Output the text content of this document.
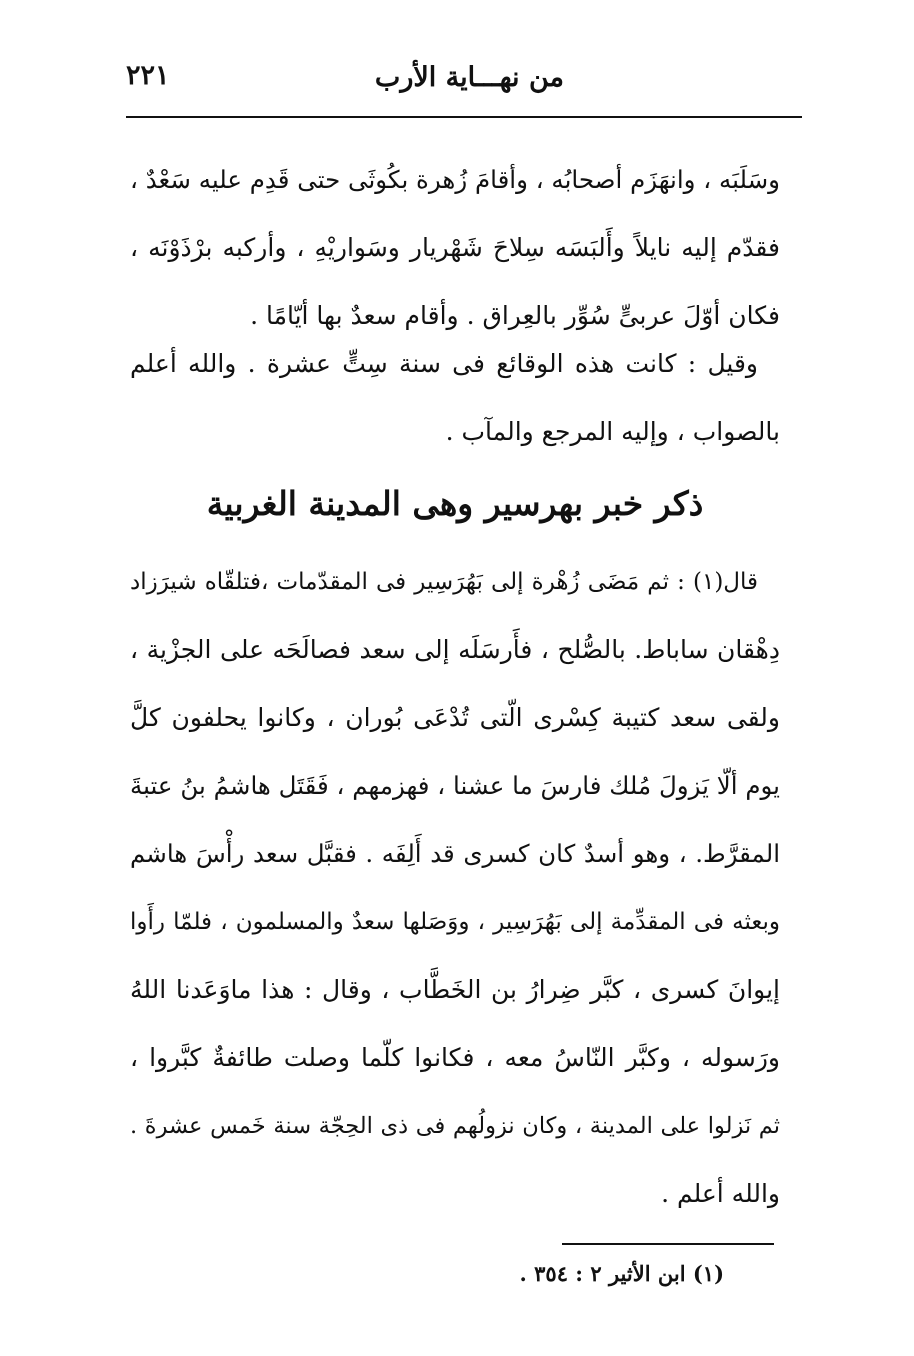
من نهـــاية الأرب
٢٢١
وسَلَبَه ، وانهَزَم أصحابُه ، وأقامَ زُهرة بكُوثَى حتى قَدِم عليه سَعْدٌ ،
فقدّم إليه نايلاً وأَلبَسَه سِلاحَ شَهْريار وسَواريْهِ ، وأركبه برْذَوْنَه ،
فكان أوّلَ عربىٍّ سُوِّر بالعِراق . وأقام سعدٌ بها أيّامًا .
وقيل : كانت هذه الوقائع فى سنة سِتٍّ عشرة . والله أعلم
بالصواب ، وإليه المرجع والمآب .
ذكر خبر بهرسير وهى المدينة الغربية
قال(١) : ثم مَضَى زُهْرة إلى بَهُرَسِير فى المقدّمات ،فتلقّاه شيرَزاد
دِهْقان ساباط. بالصُّلح ، فأَرسَلَه إلى سعد فصالَحَه على الجزْية ،
ولقى سعد كتيبة كِسْرى الّتى تُدْعَى بُوران ، وكانوا يحلفون كلَّ
يوم ألّا يَزولَ مُلك فارسَ ما عشنا ، فهزمهم ، فَقَتَل هاشمُ بنُ عتبةَ
المقرَّط. ، وهو أسدٌ كان كسرى قد أَلِفَه . فقبَّل سعد رأْسَ هاشم
وبعثه فى المقدِّمة إلى بَهُرَسِير ، ووَصَلها سعدٌ والمسلمون ، فلمّا رأَوا
إيوانَ كسرى ، كبَّر ضِرارُ بن الخَطَّاب ، وقال : هذا ماوَعَدنا اللهُ
ورَسوله ، وكبَّر النّاسُ معه ، فكانوا كلّما وصلت طائفةٌ كبَّروا ،
ثم نَزلوا على المدينة ، وكان نزولُهم فى ذى الحِجّة سنة خَمس عشرةَ .
والله أعلم .
(١) ابن الأثير ٢ : ٣٥٤ .
